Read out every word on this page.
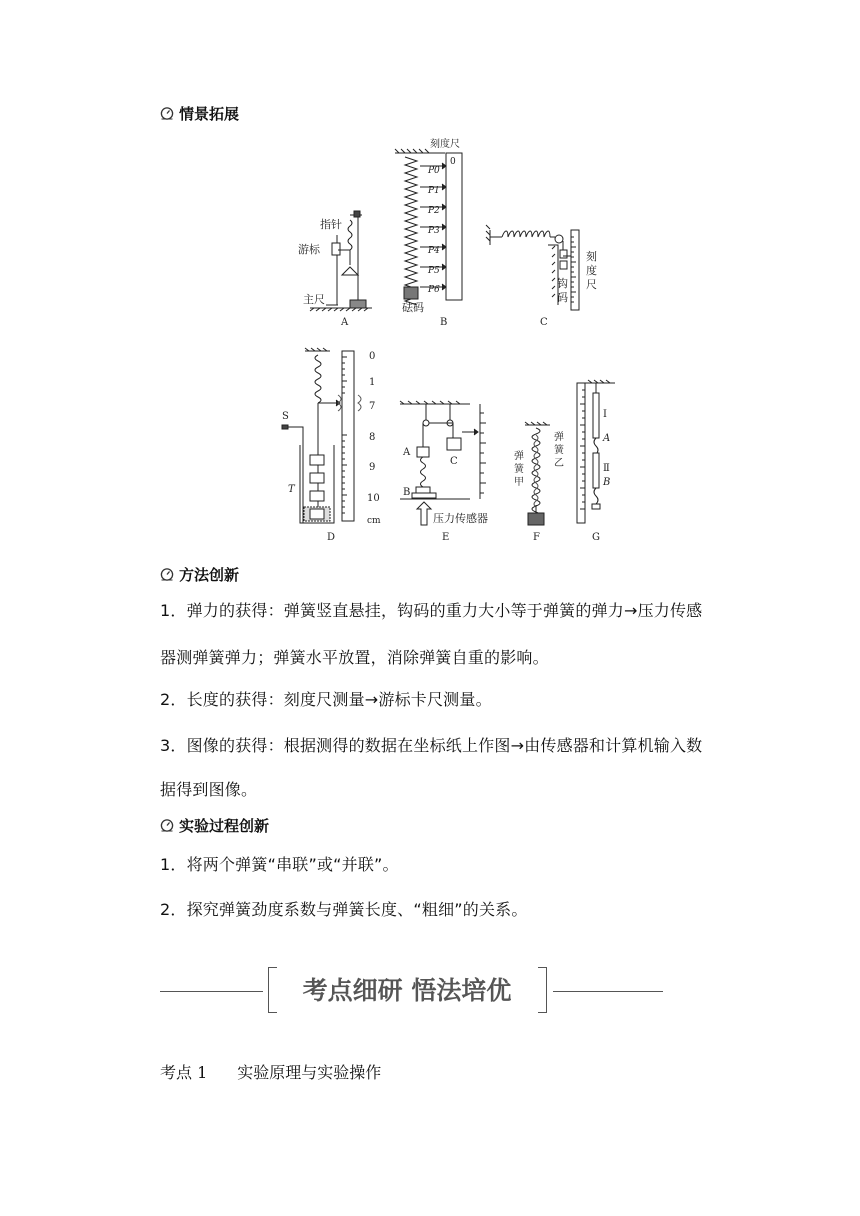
情景拓展
指针
游标
主尺
A
刻度尺
0
P0
P1
P2
P3
P4
P5
P6
砝码
B
刻
度
尺
钩
码
C
S
T
0
1
7
8
9
10
cm
D
A
B
C
压力传感器
E
弹
簧
甲
弹
簧
乙
F
Ⅰ
A
Ⅱ
B
G
方法创新
1．弹力的获得：弹簧竖直悬挂，钩码的重力大小等于弹簧的弹力→压力传感
器测弹簧弹力；弹簧水平放置，消除弹簧自重的影响。
2．长度的获得：刻度尺测量→游标卡尺测量。
3．图像的获得：根据测得的数据在坐标纸上作图→由传感器和计算机输入数
据得到图像。
实验过程创新
1．将两个弹簧“串联”或“并联”。
2．探究弹簧劲度系数与弹簧长度、“粗细”的关系。
考点细研 悟法培优
考点 1 实验原理与实验操作
